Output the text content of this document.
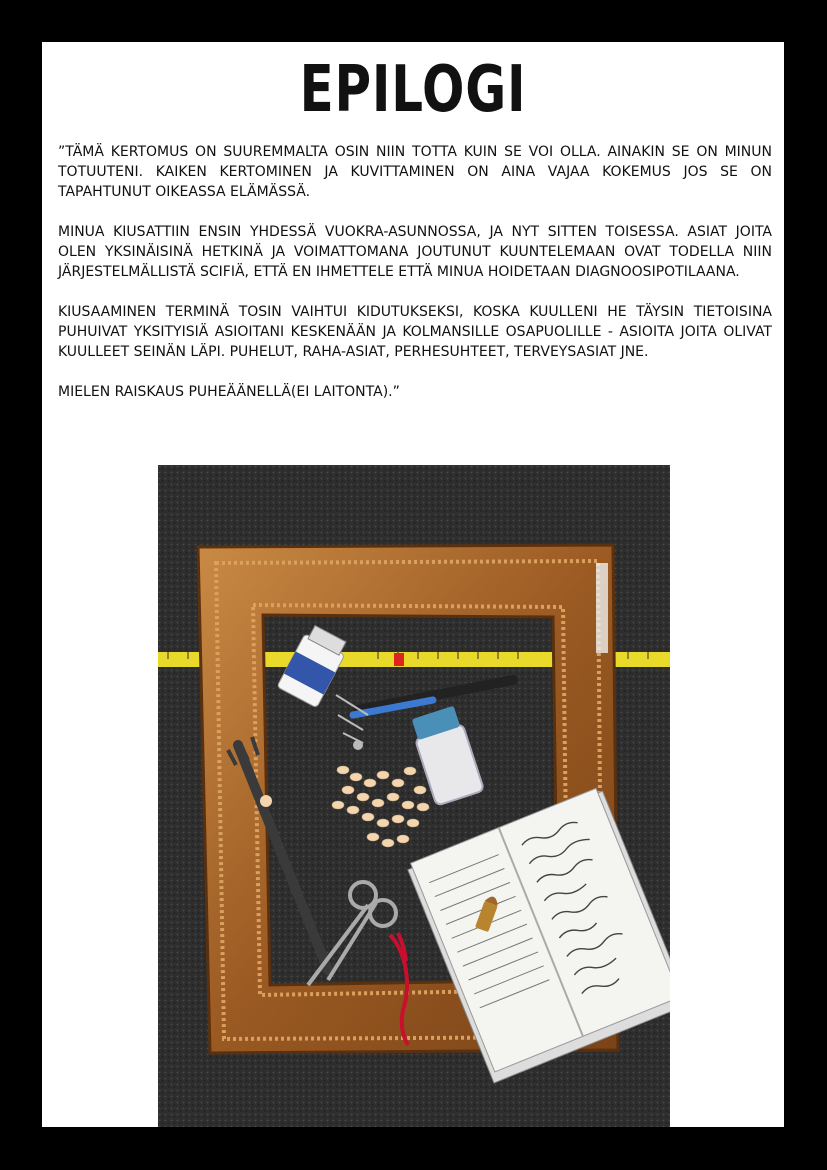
EPILOGI

”TÄMÄ KERTOMUS ON SUUREMMALTA OSIN NIIN TOTTA KUIN SE VOI OLLA. AINAKIN SE ON MINUN TOTUUTENI. KAIKEN KERTOMINEN JA KUVITTAMINEN ON AINA VAJAA KOKEMUS JOS SE ON TAPAHTUNUT OIKEASSA ELÄMÄSSÄ.

MINUA KIUSATTIIN ENSIN YHDESSÄ VUOKRA-ASUNNOSSA, JA NYT SITTEN TOISESSA. ASIAT JOITA OLEN YKSINÄISINÄ HETKINÄ JA VOIMATTOMANA JOUTUNUT KUUNTELEMAAN OVAT TODELLA NIIN JÄRJESTELMÄLLISTÄ SCIFIÄ, ETTÄ EN IHMETTELE ETTÄ MINUA HOIDETAAN DIAGNOOSIPOTILAANA.

KIUSAAMINEN TERMINÄ TOSIN VAIHTUI KIDUTUKSEKSI, KOSKA KUULLENI HE TÄYSIN TIETOISINA PUHUIVAT YKSITYISIÄ ASIOITANI KESKENÄÄN JA KOLMANSILLE OSAPUOLILLE - ASIOITA JOITA OLIVAT KUULLEET SEINÄN LÄPI. PUHELUT, RAHA-ASIAT, PERHESUHTEET, TERVEYSASIAT JNE.

MIELEN RAISKAUS PUHEÄÄNELLÄ(EI LAITONTA).”
